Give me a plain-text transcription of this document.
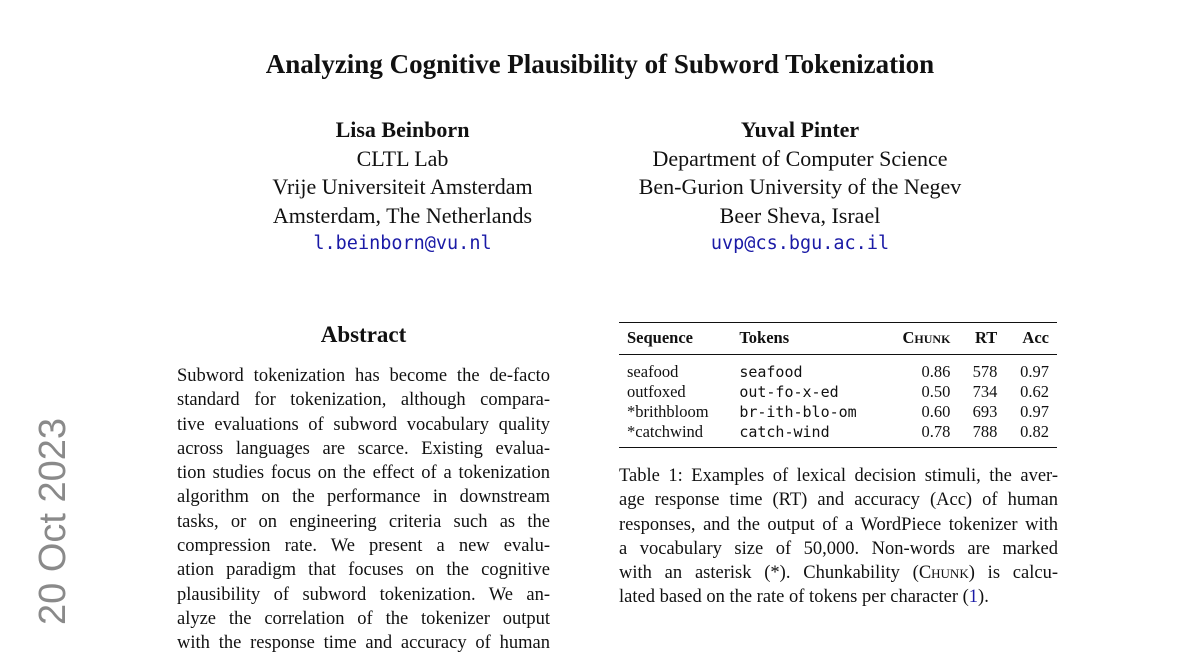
Analyzing Cognitive Plausibility of Subword Tokenization
Lisa Beinborn
CLTL Lab
Vrije Universiteit Amsterdam
Amsterdam, The Netherlands
l.beinborn@vu.nl
Yuval Pinter
Department of Computer Science
Ben-Gurion University of the Negev
Beer Sheva, Israel
uvp@cs.bgu.ac.il
20 Oct 2023
Abstract
Subword tokenization has become the de-facto
standard for tokenization, although compara-
tive evaluations of subword vocabulary quality
across languages are scarce. Existing evalua-
tion studies focus on the effect of a tokenization
algorithm on the performance in downstream
tasks, or on engineering criteria such as the
compression rate. We present a new evalu-
ation paradigm that focuses on the cognitive
plausibility of subword tokenization. We an-
alyze the correlation of the tokenizer output
with the response time and accuracy of human
Sequence	Tokens	Chunk	RT	Acc
seafood	seafood	0.86	578	0.97
outfoxed	out-fo-x-ed	0.50	734	0.62
*brithbloom	br-ith-blo-om	0.60	693	0.97
*catchwind	catch-wind	0.78	788	0.82
Table 1: Examples of lexical decision stimuli, the aver-
age response time (RT) and accuracy (Acc) of human
responses, and the output of a WordPiece tokenizer with
a vocabulary size of 50,000. Non-words are marked
with an asterisk (*). Chunkability (Chunk) is calcu-
lated based on the rate of tokens per character (1).
